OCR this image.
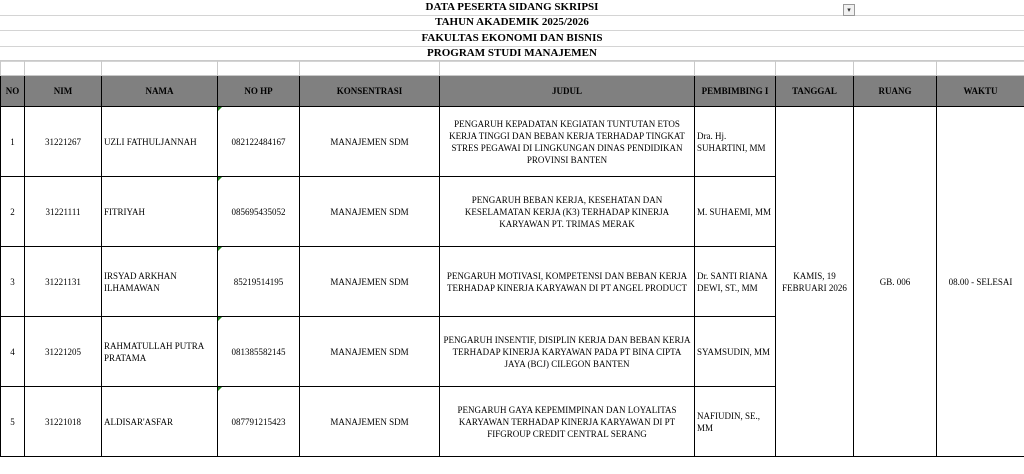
DATA PESERTA SIDANG SKRIPSI	▾
TAHUN AKADEMIK 2025/2026
FAKULTAS EKONOMI DAN BISNIS
PROGRAM STUDI MANAJEMEN

NO	NIM	NAMA	NO HP	KONSENTRASI	JUDUL	PEMBIMBING I	TANGGAL	RUANG	WAKTU
1	31221267	UZLI FATHULJANNAH	082122484167	MANAJEMEN SDM	PENGARUH KEPADATAN KEGIATAN TUNTUTAN ETOS KERJA TINGGI DAN BEBAN KERJA TERHADAP TINGKAT STRES PEGAWAI DI LINGKUNGAN DINAS PENDIDIKAN PROVINSI BANTEN	Dra. Hj. SUHARTINI, MM	KAMIS, 19 FEBRUARI 2026	GB. 006	08.00 - SELESAI
2	31221111	FITRIYAH	085695435052	MANAJEMEN SDM	PENGARUH BEBAN KERJA, KESEHATAN DAN KESELAMATAN KERJA (K3) TERHADAP KINERJA KARYAWAN PT. TRIMAS MERAK	M. SUHAEMI, MM			
3	31221131	IRSYAD ARKHAN ILHAMAWAN	85219514195	MANAJEMEN SDM	PENGARUH MOTIVASI, KOMPETENSI DAN BEBAN KERJA TERHADAP KINERJA KARYAWAN DI PT ANGEL PRODUCT	Dr. SANTI RIANA DEWI, ST., MM			
4	31221205	RAHMATULLAH PUTRA PRATAMA	081385582145	MANAJEMEN SDM	PENGARUH INSENTIF, DISIPLIN KERJA DAN BEBAN KERJA TERHADAP KINERJA KARYAWAN PADA PT BINA CIPTA JAYA (BCJ) CILEGON BANTEN	SYAMSUDIN, MM			
5	31221018	ALDISAR'ASFAR	087791215423	MANAJEMEN SDM	PENGARUH GAYA KEPEMIMPINAN DAN LOYALITAS KARYAWAN TERHADAP KINERJA KARYAWAN DI PT FIFGROUP CREDIT CENTRAL SERANG	NAFIUDIN, SE., MM			
